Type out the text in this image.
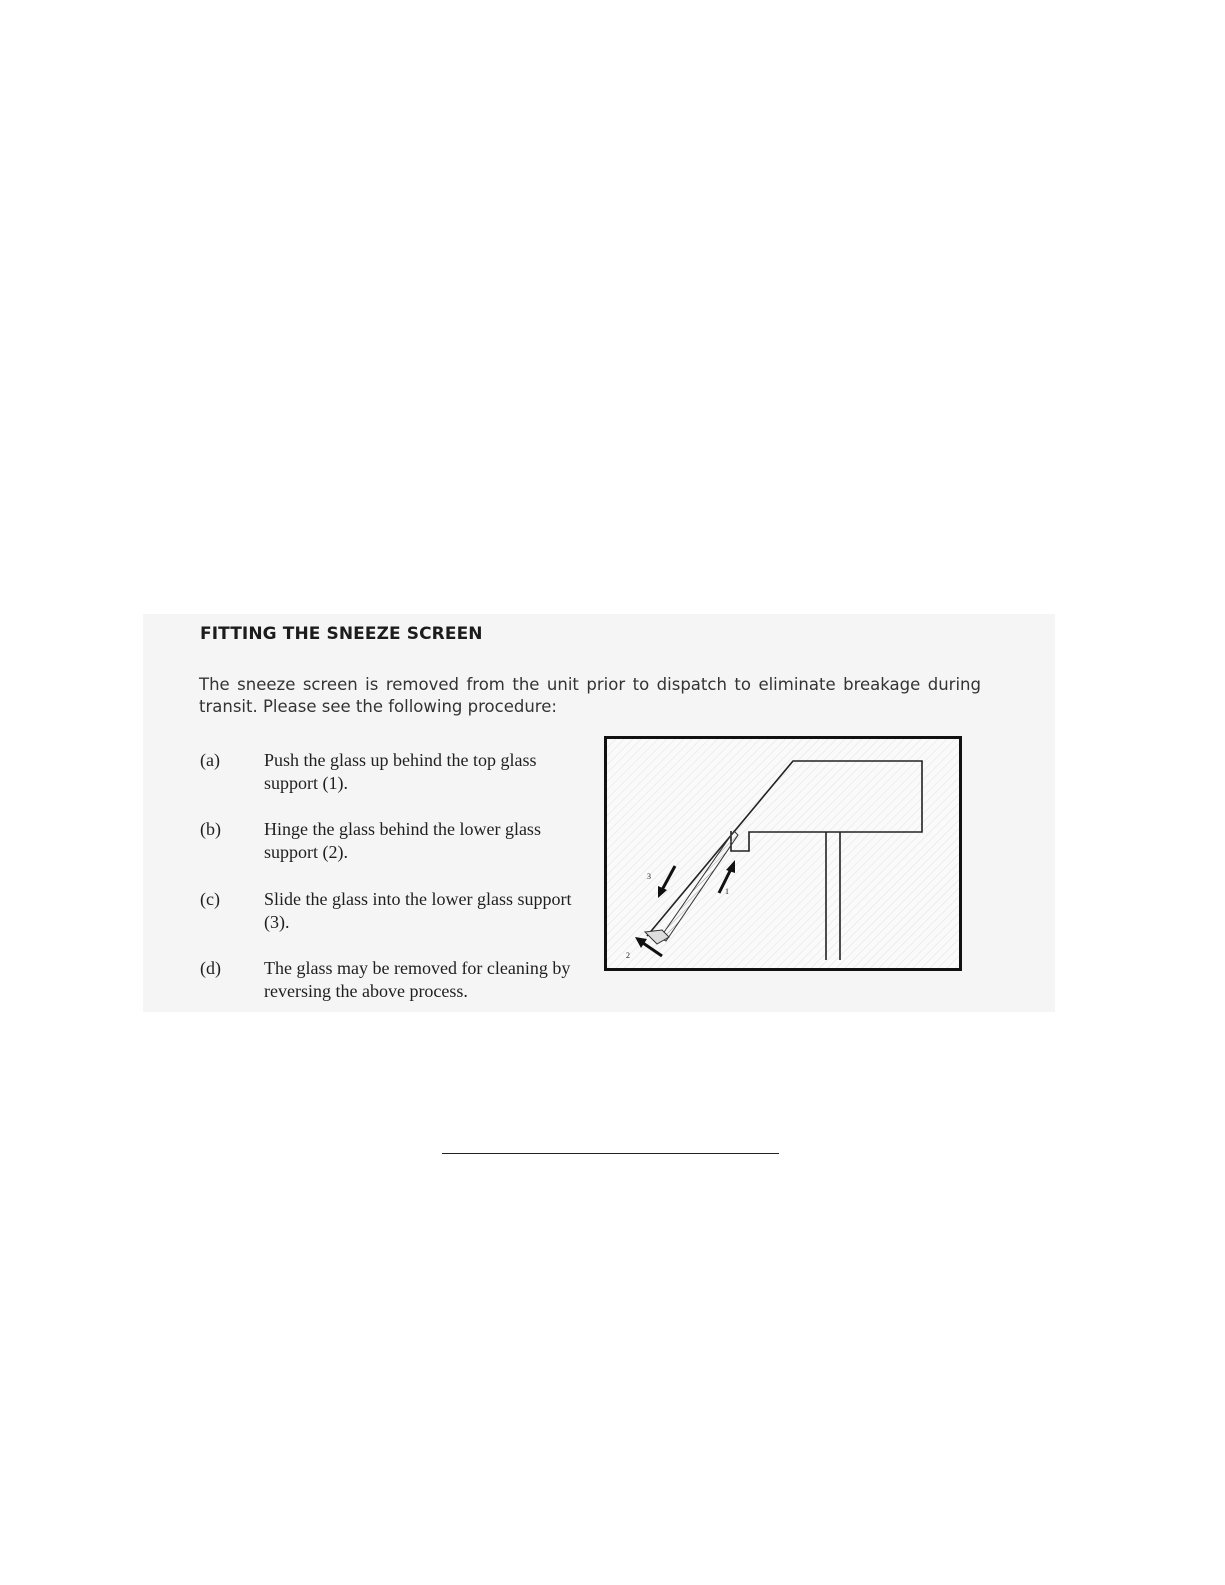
FITTING THE SNEEZE SCREEN
The sneeze screen is removed from the unit prior to dispatch to eliminate breakage during transit. Please see the following procedure:
(a) Push the glass up behind the top glass support (1).
(b) Hinge the glass behind the lower glass support (2).
(c) Slide the glass into the lower glass support (3).
(d) The glass may be removed for cleaning by reversing the above process.
1
2
3
